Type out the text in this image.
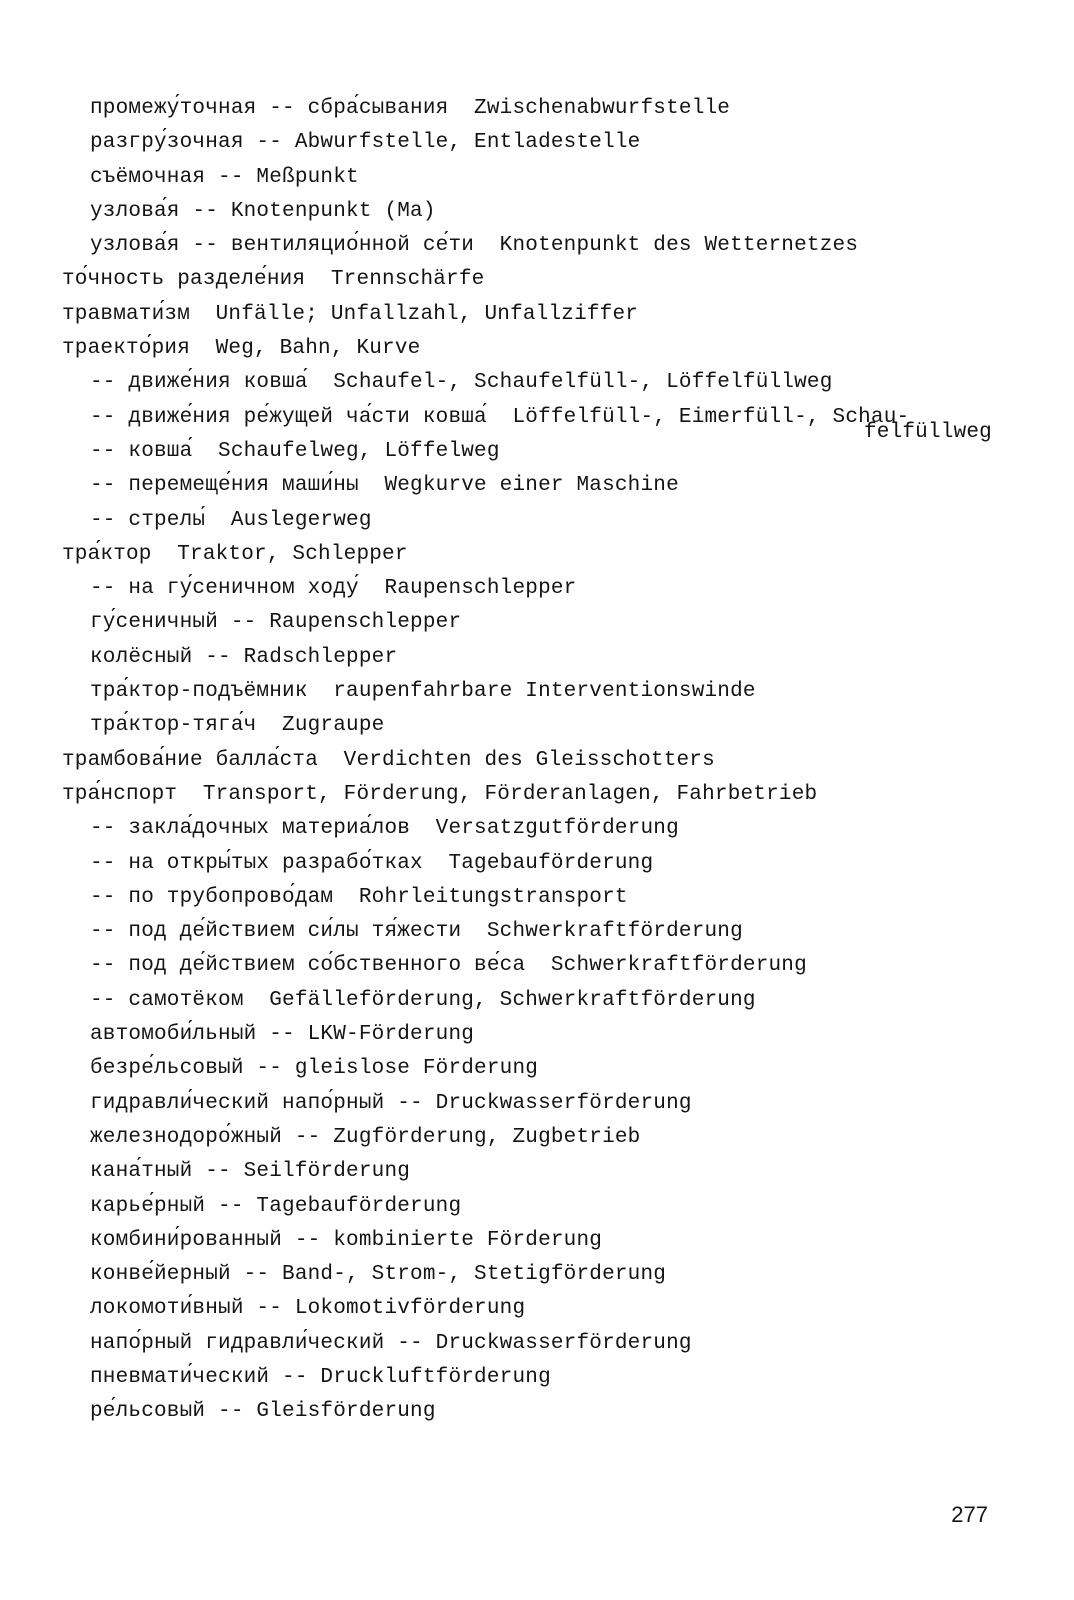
промежу́точная -- сбра́сывания  Zwischenabwurfstelle
разгру́зочная -- Abwurfstelle, Entladestelle
съёмочная -- Meßpunkt
узлова́я -- Knotenpunkt (Ma)
узлова́я -- вентиляцио́нной се́ти  Knotenpunkt des Wetternetzes
то́чность разделе́ния  Trennschärfe
травмати́зм  Unfälle; Unfallzahl, Unfallziffer
траекто́рия  Weg, Bahn, Kurve
-- движе́ния ковша́  Schaufel-, Schaufelfüll-, Löffelfüllweg
-- движе́ния ре́жущей ча́сти ковша́  Löffelfüll-, Eimerfüll-, Schau-
-- ковша́  Schaufelweg, Löffelweg
felfüllweg
-- перемеще́ния маши́ны  Wegkurve einer Maschine
-- стрелы́  Auslegerweg
тра́ктор  Traktor, Schlepper
-- на гу́сеничном ходу́  Raupenschlepper
гу́сеничный -- Raupenschlepper
колёсный -- Radschlepper
тра́ктор-подъёмник  raupenfahrbare Interventionswinde
тра́ктор-тяга́ч  Zugraupe
трамбова́ние балла́ста  Verdichten des Gleisschotters
тра́нспорт  Transport, Förderung, Förderanlagen, Fahrbetrieb
-- закла́дочных материа́лов  Versatzgutförderung
-- на откры́тых разрабо́тках  Tagebauförderung
-- по трубопрово́дам  Rohrleitungstransport
-- под де́йствием си́лы тя́жести  Schwerkraftförderung
-- под де́йствием со́бственного ве́са  Schwerkraftförderung
-- самотёком  Gefälleförderung, Schwerkraftförderung
автомоби́льный -- LKW-Förderung
безре́льсовый -- gleislose Förderung
гидравли́ческий напо́рный -- Druckwasserförderung
железнодоро́жный -- Zugförderung, Zugbetrieb
кана́тный -- Seilförderung
карье́рный -- Tagebauförderung
комбини́рованный -- kombinierte Förderung
конве́йерный -- Band-, Strom-, Stetigförderung
локомоти́вный -- Lokomotivförderung
напо́рный гидравли́ческий -- Druckwasserförderung
пневмати́ческий -- Druckluftförderung
ре́льсовый -- Gleisförderung
277
